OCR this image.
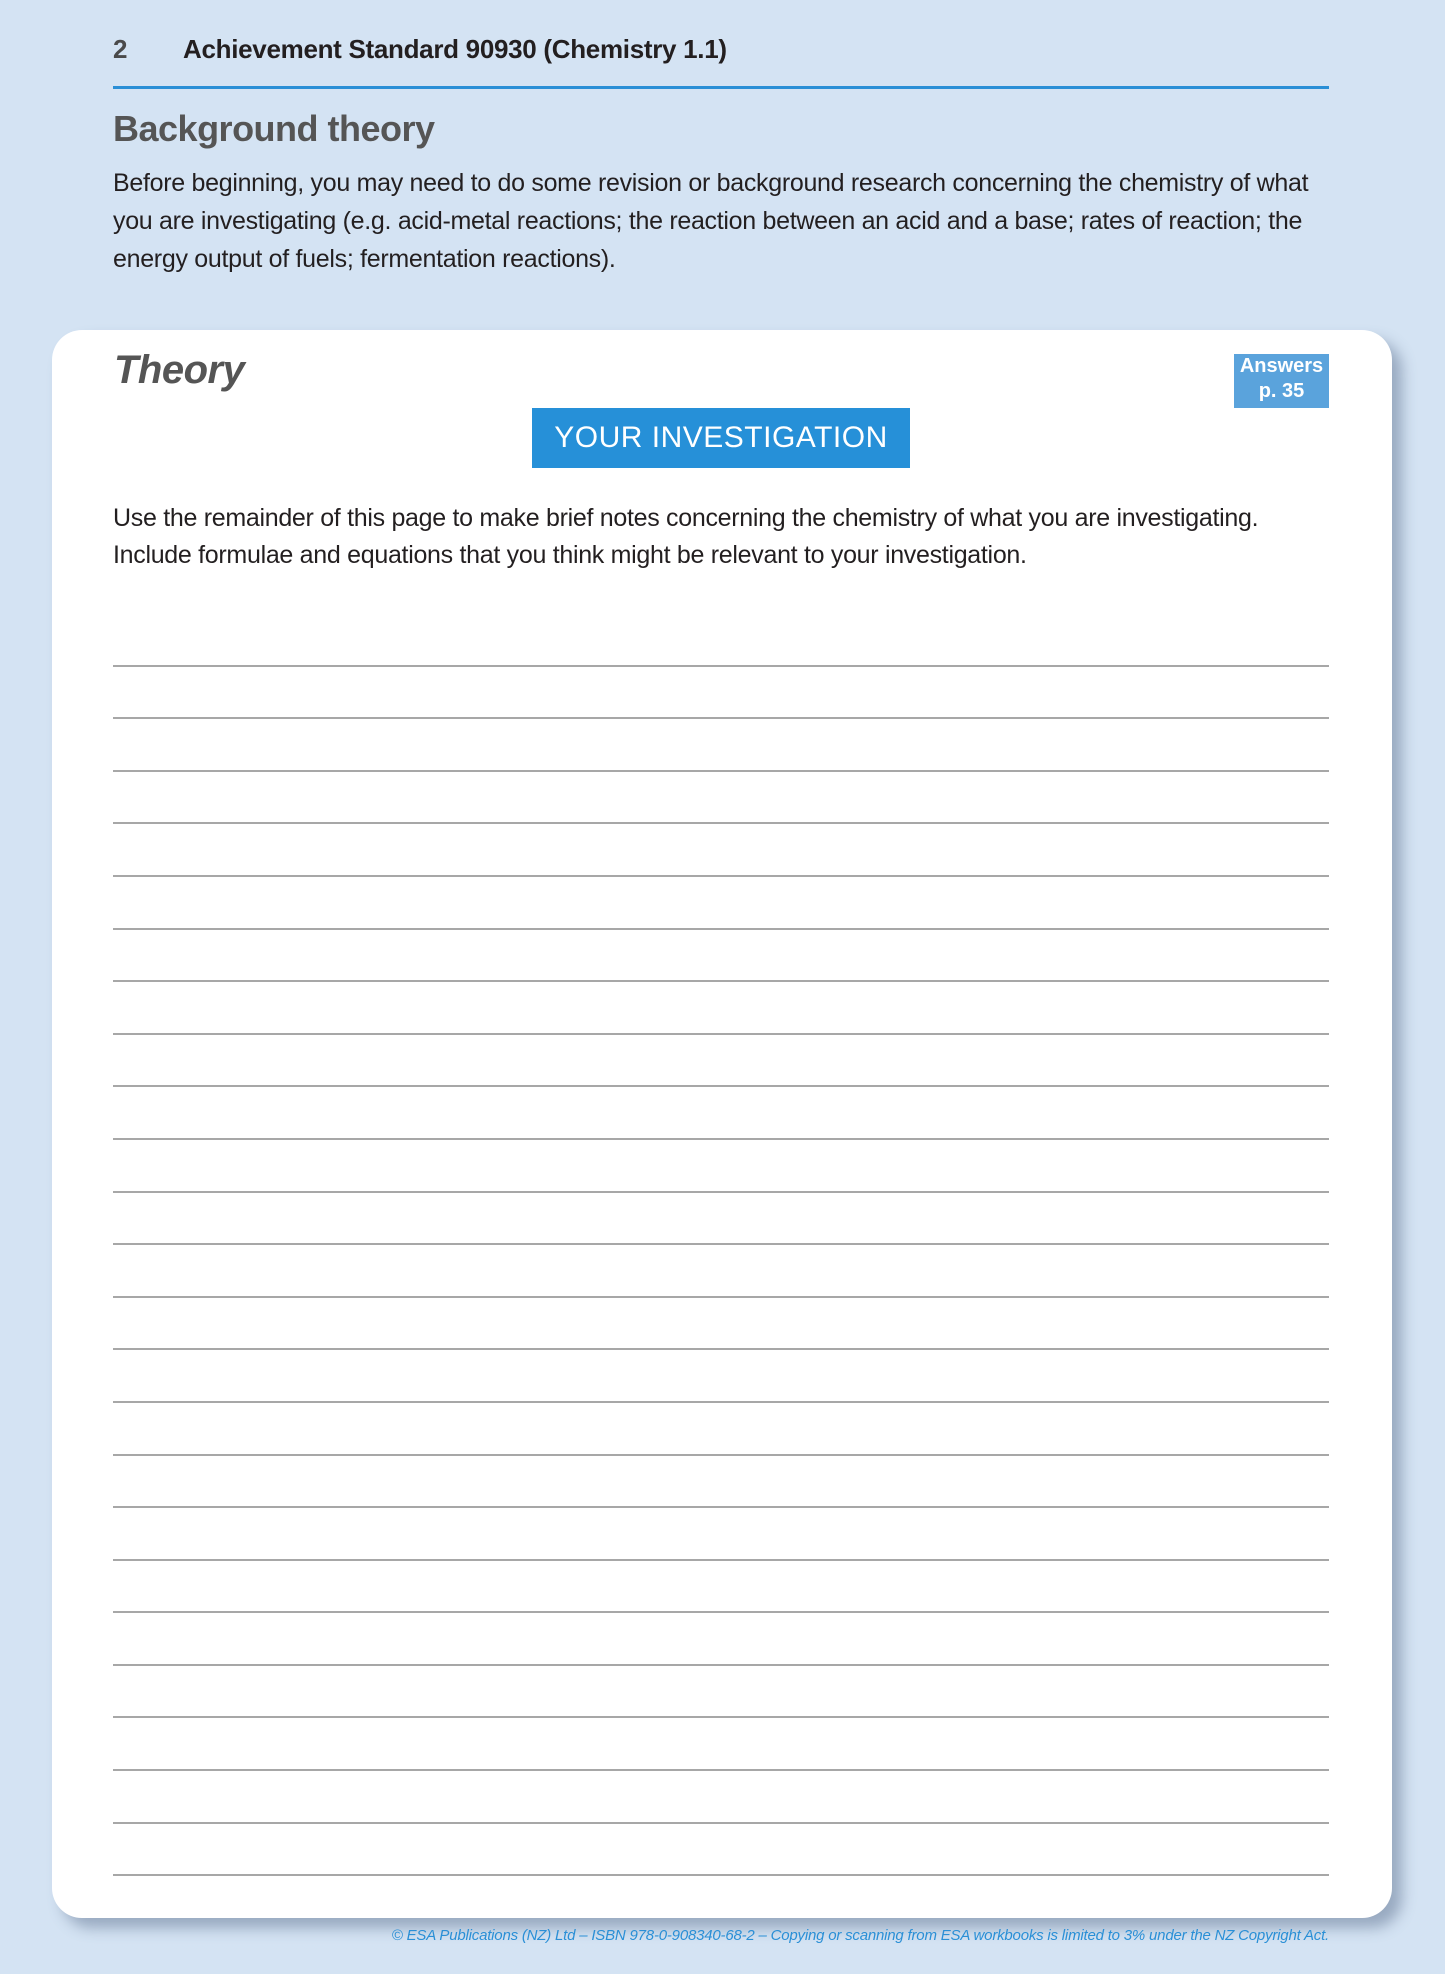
2 Achievement Standard 90930 (Chemistry 1.1)
Background theory
Before beginning, you may need to do some revision or background research concerning the chemistry of what you are investigating (e.g. acid-metal reactions; the reaction between an acid and a base; rates of reaction; the energy output of fuels; fermentation reactions).
Theory	Answers
p. 35
YOUR INVESTIGATION
Use the remainder of this page to make brief notes concerning the chemistry of what you are investigating.
Include formulae and equations that you think might be relevant to your investigation.
© ESA Publications (NZ) Ltd – ISBN 978-0-908340-68-2 – Copying or scanning from ESA workbooks is limited to 3% under the NZ Copyright Act.
